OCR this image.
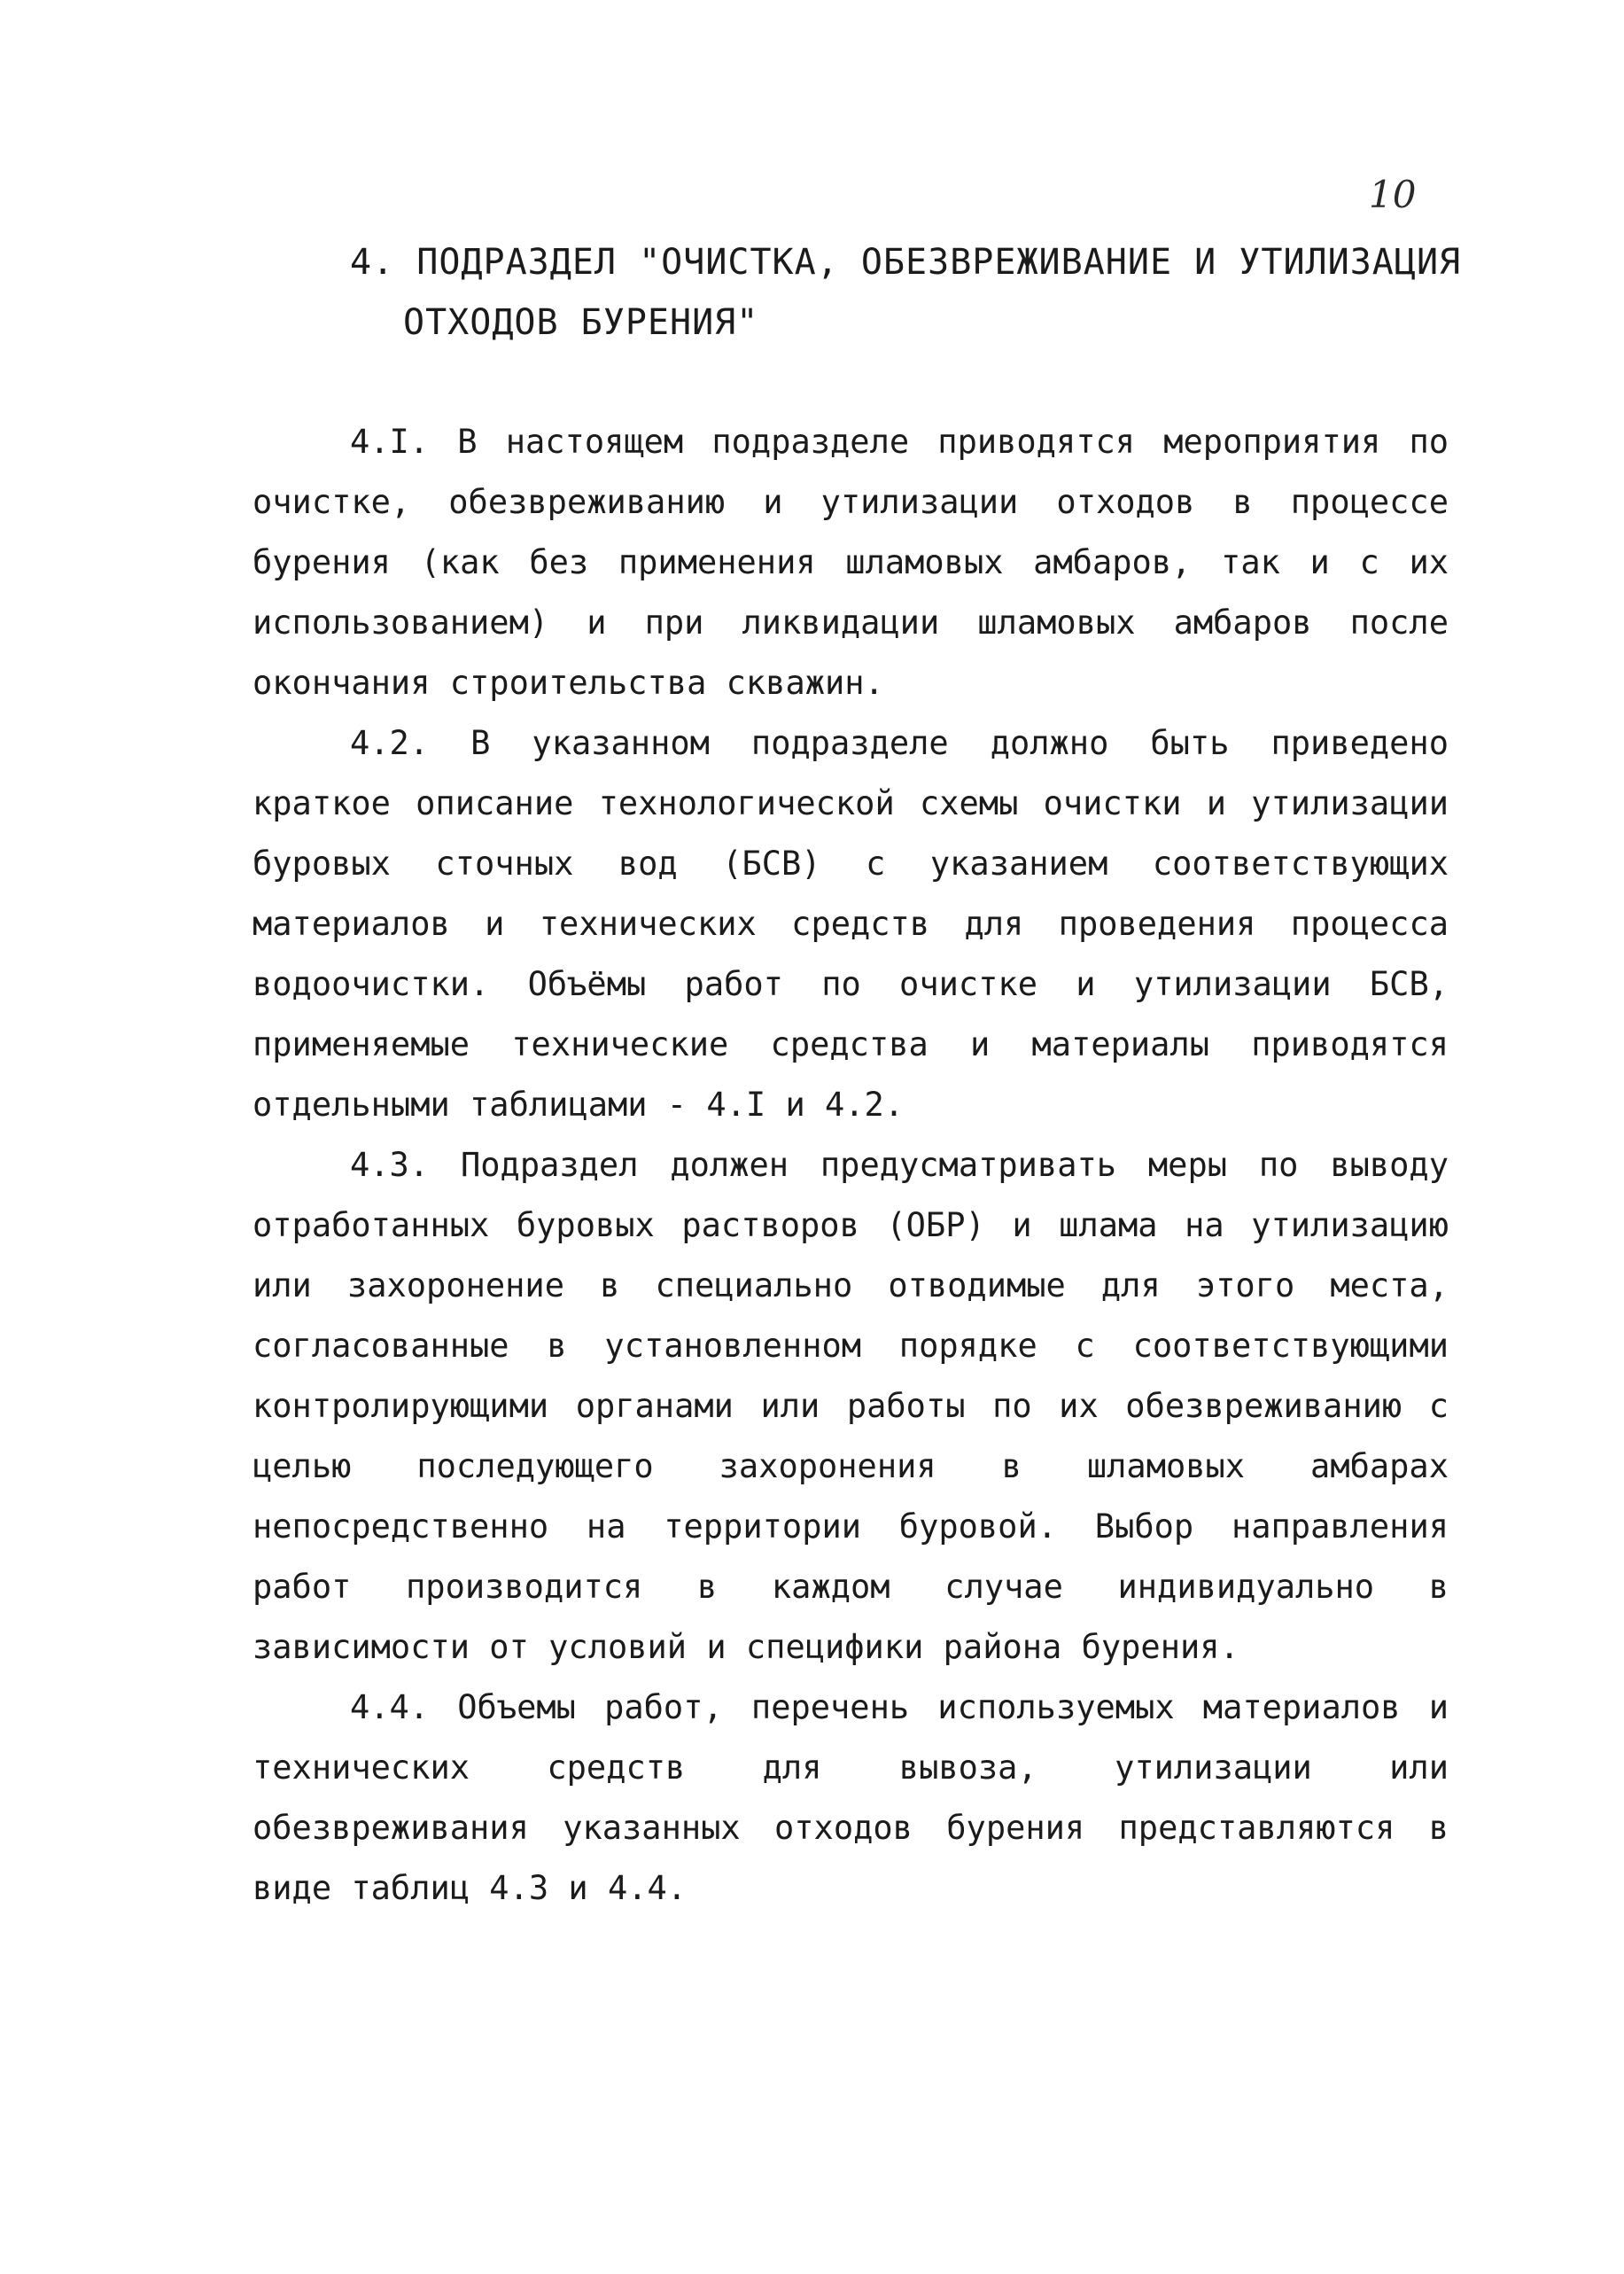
10
4. ПОДРАЗДЕЛ "ОЧИСТКА, ОБЕЗВРЕЖИВАНИЕ И УТИЛИЗАЦИЯ
ОТХОДОВ БУРЕНИЯ"

4.I. В настоящем подразделе приводятся мероприятия по очистке, обезвреживанию и утилизации отходов в процессе бурения (как без применения шламовых амбаров, так и с их использованием) и при ликвидации шламовых амбаров после окончания строительства скважин.

4.2. В указанном подразделе должно быть приведено краткое описание технологической схемы очистки и утилизации буровых сточных вод (БСВ) с указанием соответствующих материалов и технических средств для проведения процесса водоочистки. Объёмы работ по очистке и утилизации БСВ, применяемые технические средства и материалы приводятся отдельными таблицами - 4.I и 4.2.

4.3. Подраздел должен предусматривать меры по выводу отработанных буровых растворов (ОБР) и шлама на утилизацию или захоронение в специально отводимые для этого места, согласованные в установленном порядке с соответствующими контролирующими органами или работы по их обезвреживанию с целью последующего захоронения в шламовых амбарах непосредственно на территории буровой. Выбор направления работ производится в каждом случае индивидуально в зависимости от условий и специфики района бурения.

4.4. Объемы работ, перечень используемых материалов и технических средств для вывоза, утилизации или обезвреживания указанных отходов бурения представляются в виде таблиц 4.3 и 4.4.
